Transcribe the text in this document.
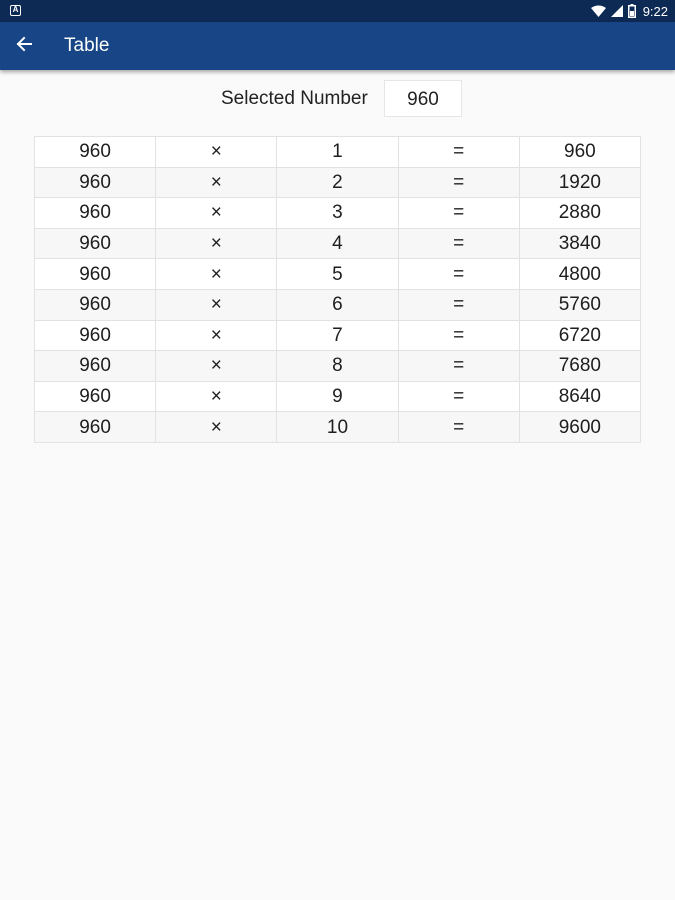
A	9:22
Table
Selected Number	960
960	×	1	=	960
960	×	2	=	1920
960	×	3	=	2880
960	×	4	=	3840
960	×	5	=	4800
960	×	6	=	5760
960	×	7	=	6720
960	×	8	=	7680
960	×	9	=	8640
960	×	10	=	9600
